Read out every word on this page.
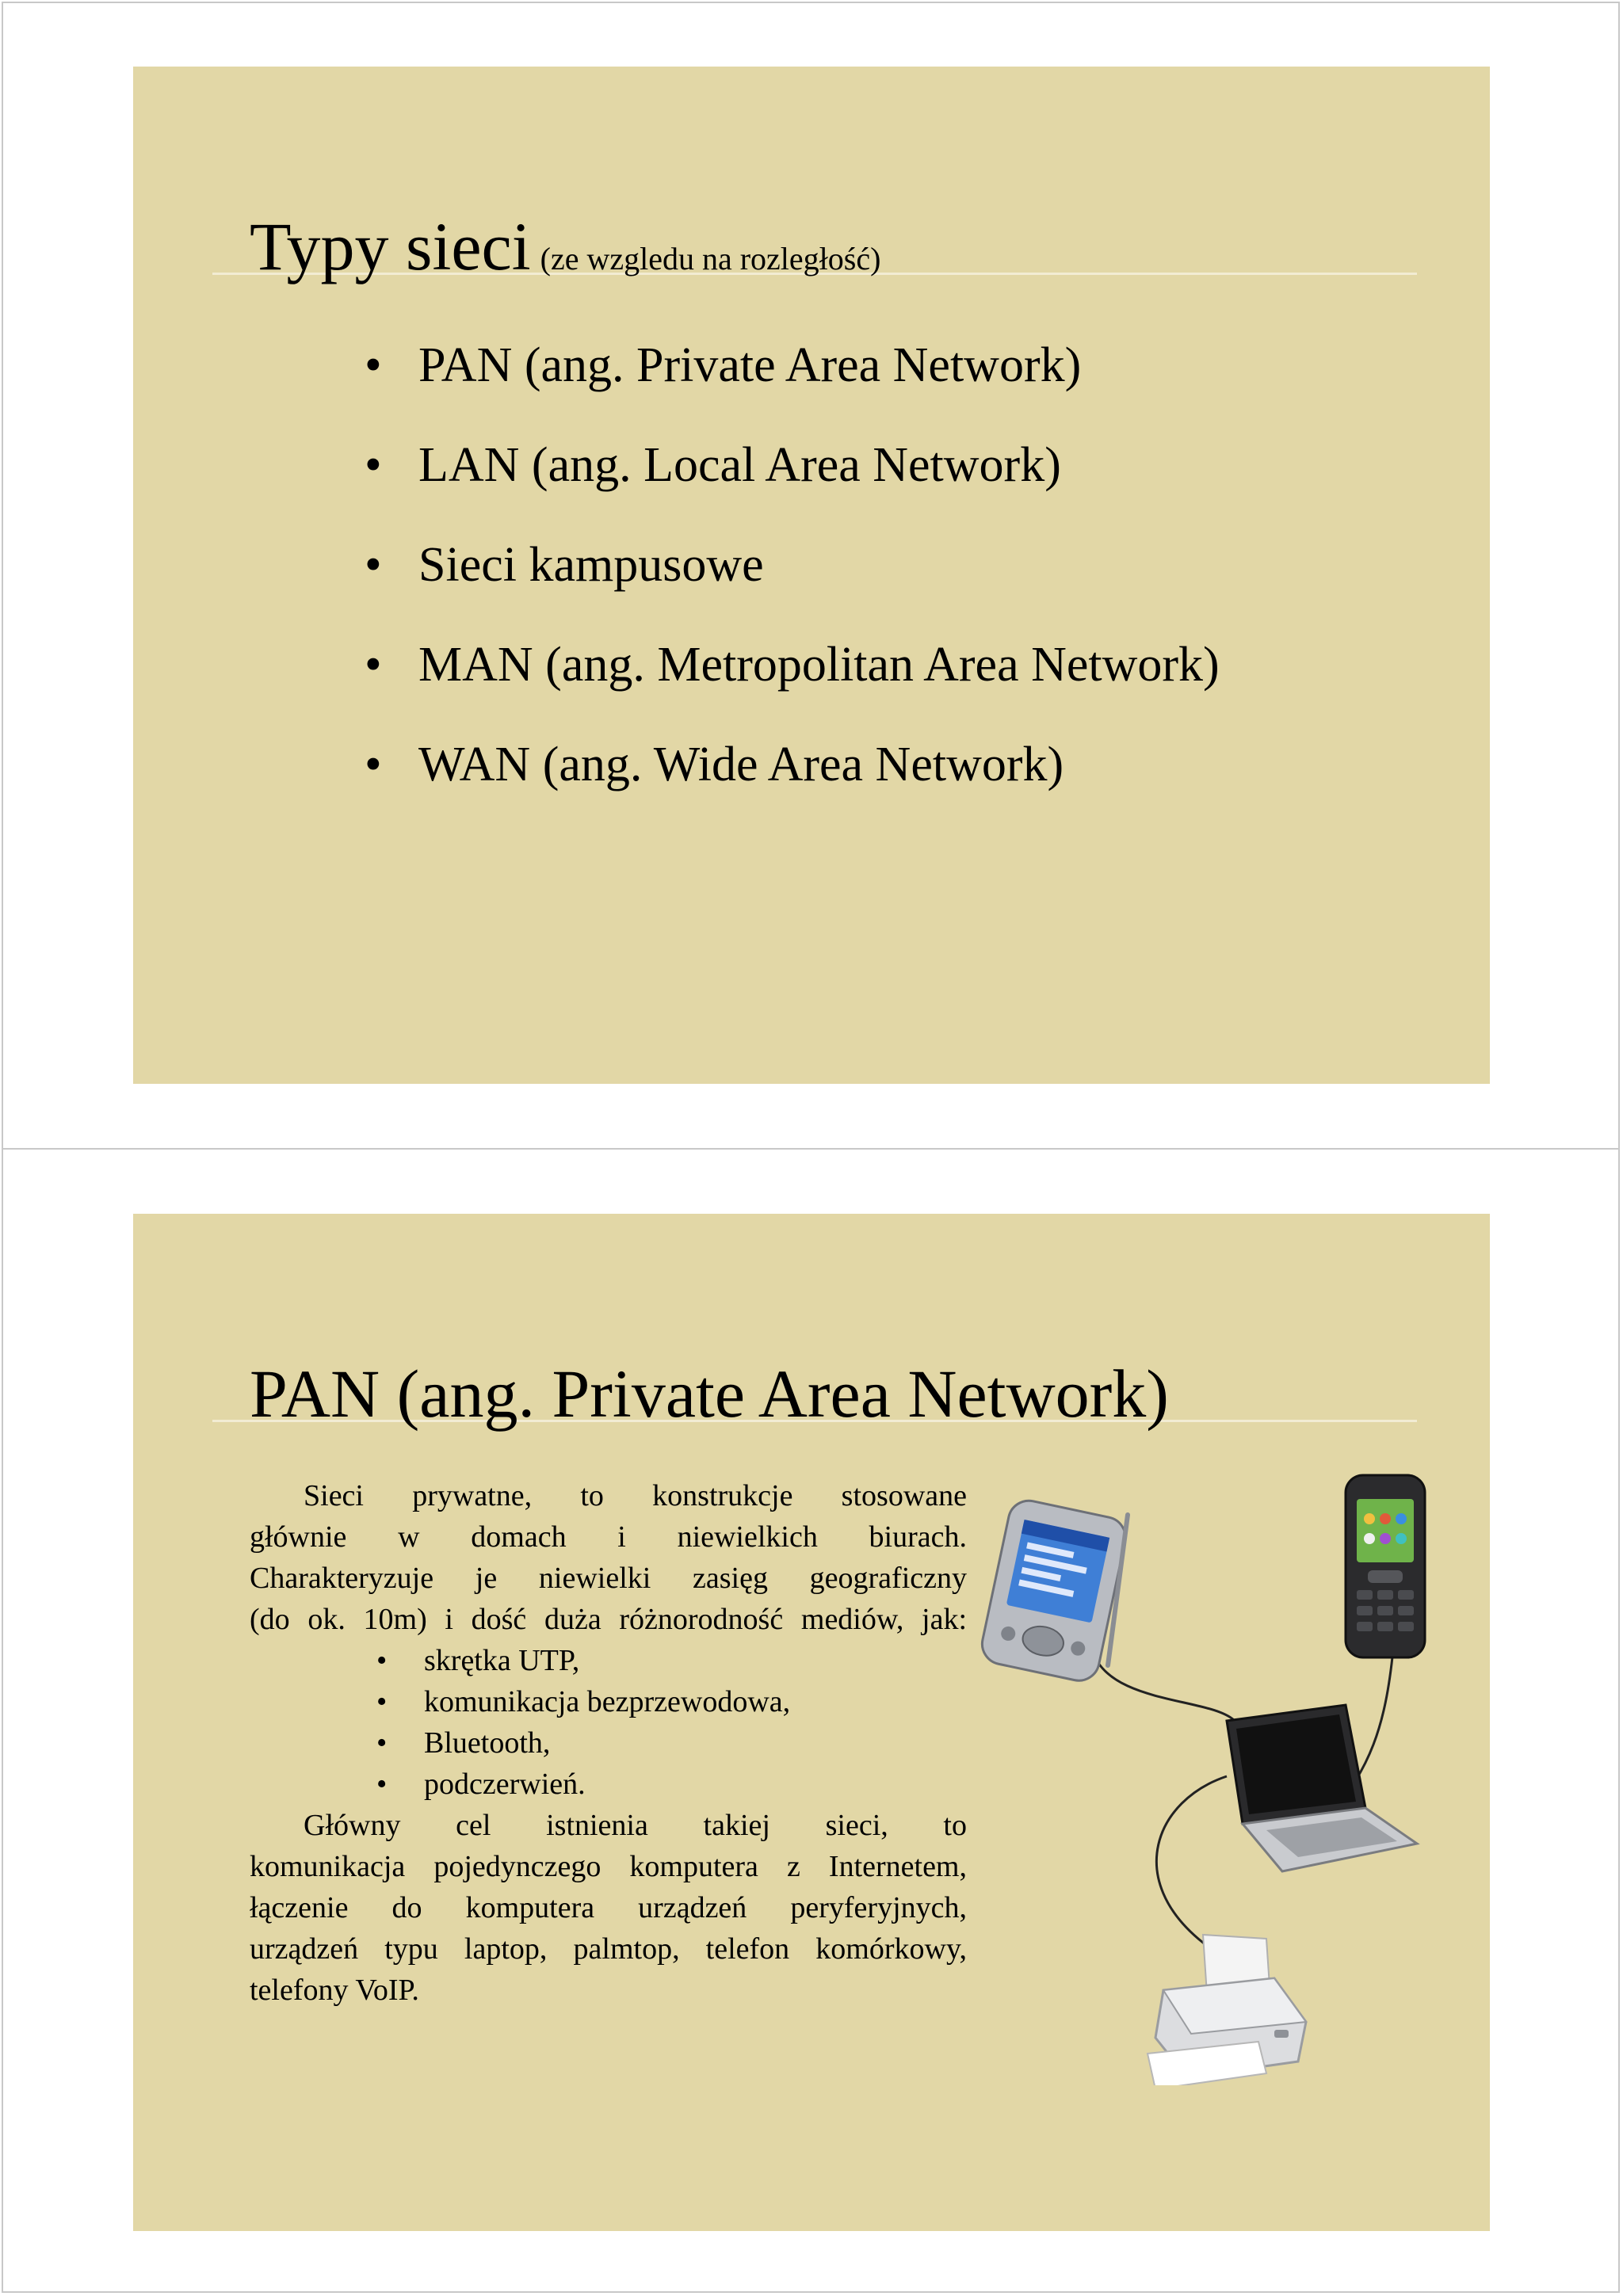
Typy sieci (ze wzgledu na rozległość)
• PAN (ang. Private Area Network)
• LAN (ang. Local Area Network)
• Sieci kampusowe
• MAN (ang. Metropolitan Area Network)
• WAN (ang. Wide Area Network)

Sieci prywatne, to konstrukcje stosowane

głównie w domach i niewielkich biurach.

Charakteryzuje je niewielki zasięg geograficzny

(do ok. 10m) i dość duża różnorodność mediów, jak:

• skrętka UTP,
• komunikacja bezprzewodowa,
• Bluetooth,
• podczerwień.

Główny cel istnienia takiej sieci, to

komunikacja pojedynczego komputera z Internetem,

łączenie do komputera urządzeń peryferyjnych,

urządzeń typu laptop, palmtop, telefon komórkowy,

telefony VoIP.

PAN (ang. Private Area Network)
